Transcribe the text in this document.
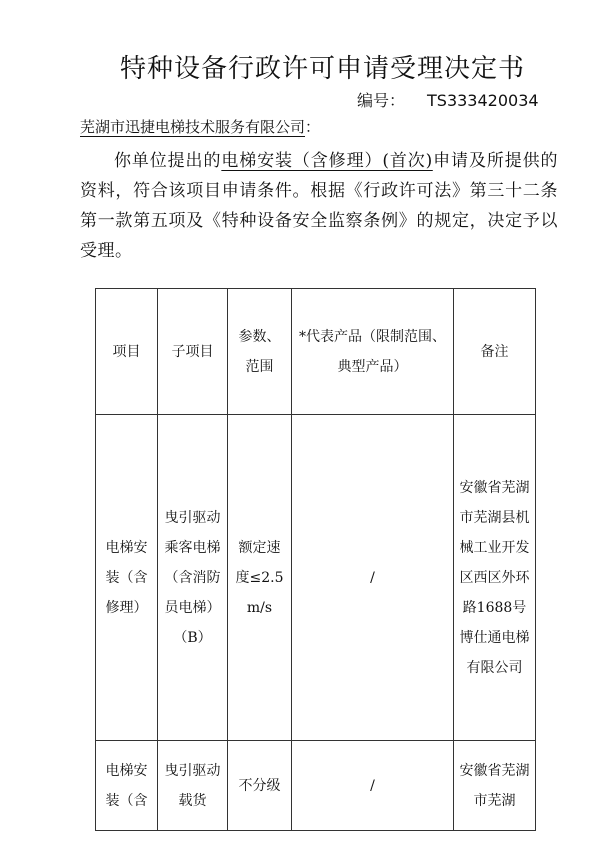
特种设备行政许可申请受理决定书
编号： TS333420034
芜湖市迅捷电梯技术服务有限公司：

你单位提出的电梯安装（含修理）(首次)申请及所提供的资料，符合该项目申请条件。根据《行政许可法》第三十二条第一款第五项及《特种设备安全监察条例》的规定，决定予以受理。

项目	子项目	参数、范围	*代表产品（限制范围、典型产品）	备注
电梯安装（含修理）	曳引驱动乘客电梯（含消防员电梯）（B）	额定速度≤2.5m/s	/	安徽省芜湖市芜湖县机械工业开发区西区外环路1688号博仕通电梯有限公司
电梯安装（含	曳引驱动载货	不分级	/	安徽省芜湖市芜湖
